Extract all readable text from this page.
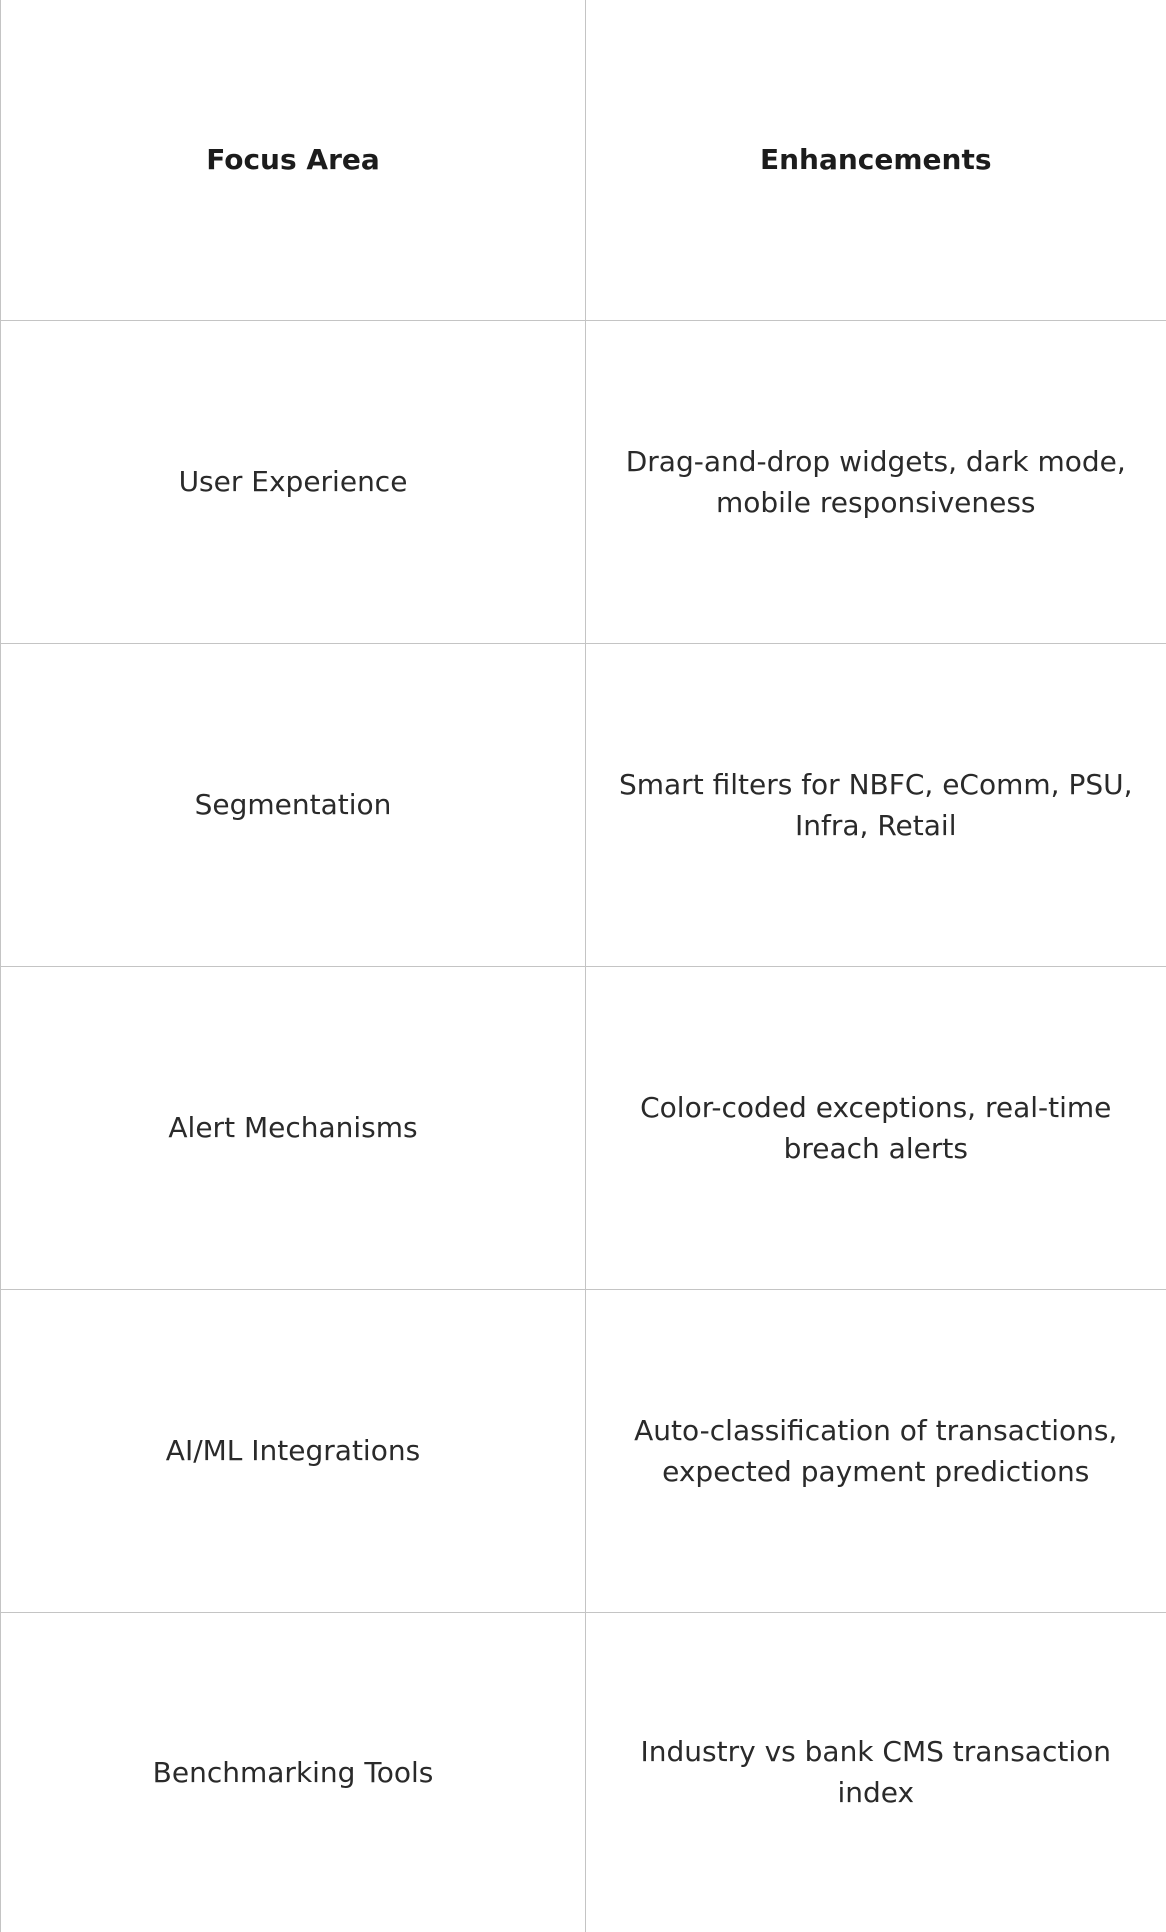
Focus Area	Enhancements
User Experience	Drag-and-drop widgets, dark mode, mobile responsiveness
Segmentation	Smart filters for NBFC, eComm, PSU, Infra, Retail
Alert Mechanisms	Color-coded exceptions, real-time breach alerts
AI/ML Integrations	Auto-classification of transactions, expected payment predictions
Benchmarking Tools	Industry vs bank CMS transaction index
